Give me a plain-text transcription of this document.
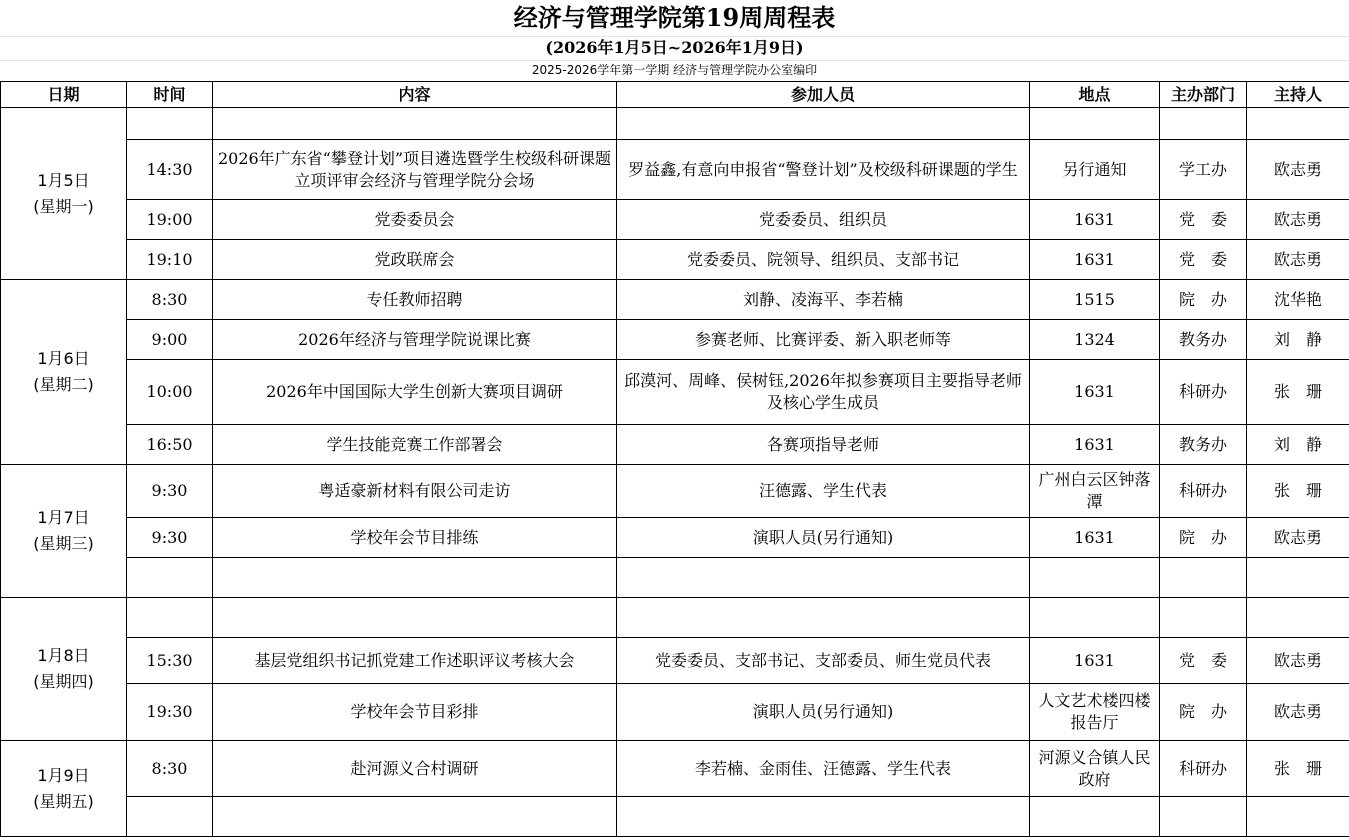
经济与管理学院第19周周程表
(2026年1月5日~2026年1月9日)
2025-2026学年第一学期 经济与管理学院办公室编印
日期	时间	内容	参加人员	地点	主办部门	主持人

1月5日
(星期一)						

	14:30	2026年广东省“攀登计划”项目遴选暨学生校级科研课题立项评审会经济与管理学院分会场	罗益鑫,有意向申报省“警登计划”及校级科研课题的学生	另行通知	学工办	欧志勇
	19:00	党委委员会	党委委员、组织员	1631	党　委	欧志勇
	19:10	党政联席会	党委委员、院领导、组织员、支部书记	1631	党　委	欧志勇

1月6日
(星期二)	8:30	专任教师招聘	刘静、凌海平、李若楠	1515	院　办	沈华艳
	9:00	2026年经济与管理学院说课比赛	参赛老师、比赛评委、新入职老师等	1324	教务办	刘　静
	10:00	2026年中国国际大学生创新大赛项目调研	邱漠河、周峰、侯树钰,2026年拟参赛项目主要指导老师及核心学生成员	1631	科研办	张　珊
	16:50	学生技能竞赛工作部署会	各赛项指导老师	1631	教务办	刘　静

1月7日
(星期三)	9:30	粤适豪新材料有限公司走访	汪德露、学生代表	广州白云区钟落潭	科研办	张　珊
	9:30	学校年会节目排练	演职人员(另行通知)	1631	院　办	欧志勇

1月8日
(星期四)						

	15:30	基层党组织书记抓党建工作述职评议考核大会	党委委员、支部书记、支部委员、师生党员代表	1631	党　委	欧志勇
	19:30	学校年会节目彩排	演职人员(另行通知)	人文艺术楼四楼报告厅	院　办	欧志勇

1月9日
(星期五)	8:30	赴河源义合村调研	李若楠、金雨佳、汪德露、学生代表	河源义合镇人民政府	科研办	张　珊
